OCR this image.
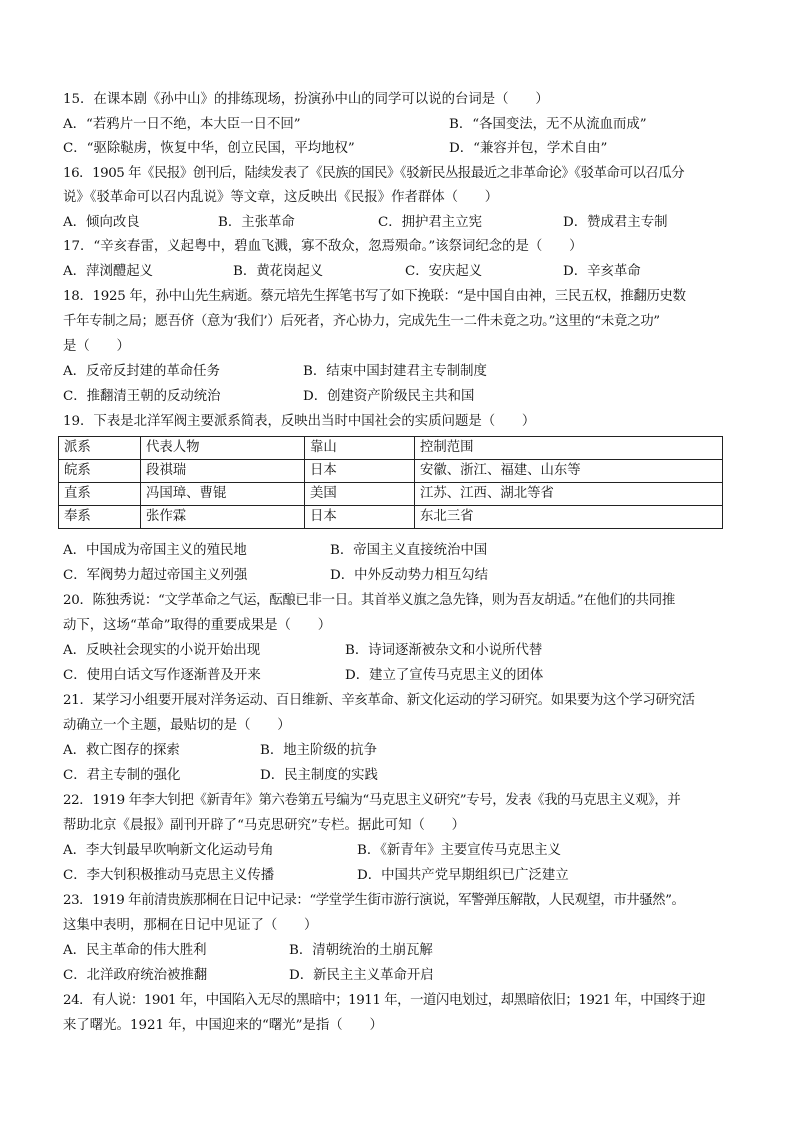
15．在课本剧《孙中山》的排练现场，扮演孙中山的同学可以说的台词是（　　）
A．“若鸦片一日不绝，本大臣一日不回”	B．“各国变法，无不从流血而成”
C．“驱除鞑虏，恢复中华，创立民国，平均地权”	D．“兼容并包，学术自由”
16．1905 年《民报》创刊后，陆续发表了《民族的国民》《驳新民丛报最近之非革命论》《驳革命可以召瓜分
说》《驳革命可以召内乱说》等文章，这反映出《民报》作者群体（　　）
A．倾向改良	B．主张革命	C．拥护君主立宪	D．赞成君主专制
17．“辛亥春雷，义起粤中，碧血飞溅，寡不敌众，忽焉殒命。”该祭词纪念的是（　　）
A．萍浏醴起义	B．黄花岗起义	C．安庆起义	D．辛亥革命
18．1925 年，孙中山先生病逝。蔡元培先生挥笔书写了如下挽联：“是中国自由神，三民五权，推翻历史数
千年专制之局；愿吾侪（意为‘我们’）后死者，齐心协力，完成先生一二件未竟之功。”这里的“未竟之功”
是（　　）
A．反帝反封建的革命任务	B．结束中国封建君主专制制度
C．推翻清王朝的反动统治	D．创建资产阶级民主共和国
19．下表是北洋军阀主要派系简表，反映出当时中国社会的实质问题是（　　）
派系	代表人物	靠山	控制范围
皖系	段祺瑞	日本	安徽、浙江、福建、山东等
直系	冯国璋、曹锟	美国	江苏、江西、湖北等省
奉系	张作霖	日本	东北三省
A．中国成为帝国主义的殖民地	B．帝国主义直接统治中国
C．军阀势力超过帝国主义列强	D．中外反动势力相互勾结
20．陈独秀说：“文学革命之气运，酝酿已非一日。其首举义旗之急先锋，则为吾友胡适。”在他们的共同推
动下，这场“革命”取得的重要成果是（　　）
A．反映社会现实的小说开始出现	B．诗词逐渐被杂文和小说所代替
C．使用白话文写作逐渐普及开来	D．建立了宣传马克思主义的团体
21．某学习小组要开展对洋务运动、百日维新、辛亥革命、新文化运动的学习研究。如果要为这个学习研究活
动确立一个主题，最贴切的是（　　）
A．救亡图存的探索	B．地主阶级的抗争
C．君主专制的强化	D．民主制度的实践
22．1919 年李大钊把《新青年》第六卷第五号编为“马克思主义研究”专号，发表《我的马克思主义观》，并
帮助北京《晨报》副刊开辟了“马克思研究”专栏。据此可知（　　）
A．李大钊最早吹响新文化运动号角	B．《新青年》主要宣传马克思主义
C．李大钊积极推动马克思主义传播	D．中国共产党早期组织已广泛建立
23．1919 年前清贵族那桐在日记中记录：“学堂学生街市游行演说，军警弹压解散，人民观望，市井骚然”。
这集中表明，那桐在日记中见证了（　　）
A．民主革命的伟大胜利	B．清朝统治的土崩瓦解
C．北洋政府统治被推翻	D．新民主主义革命开启
24．有人说：1901 年，中国陷入无尽的黑暗中；1911 年，一道闪电划过，却黑暗依旧；1921 年，中国终于迎
来了曙光。1921 年，中国迎来的“曙光”是指（　　）
